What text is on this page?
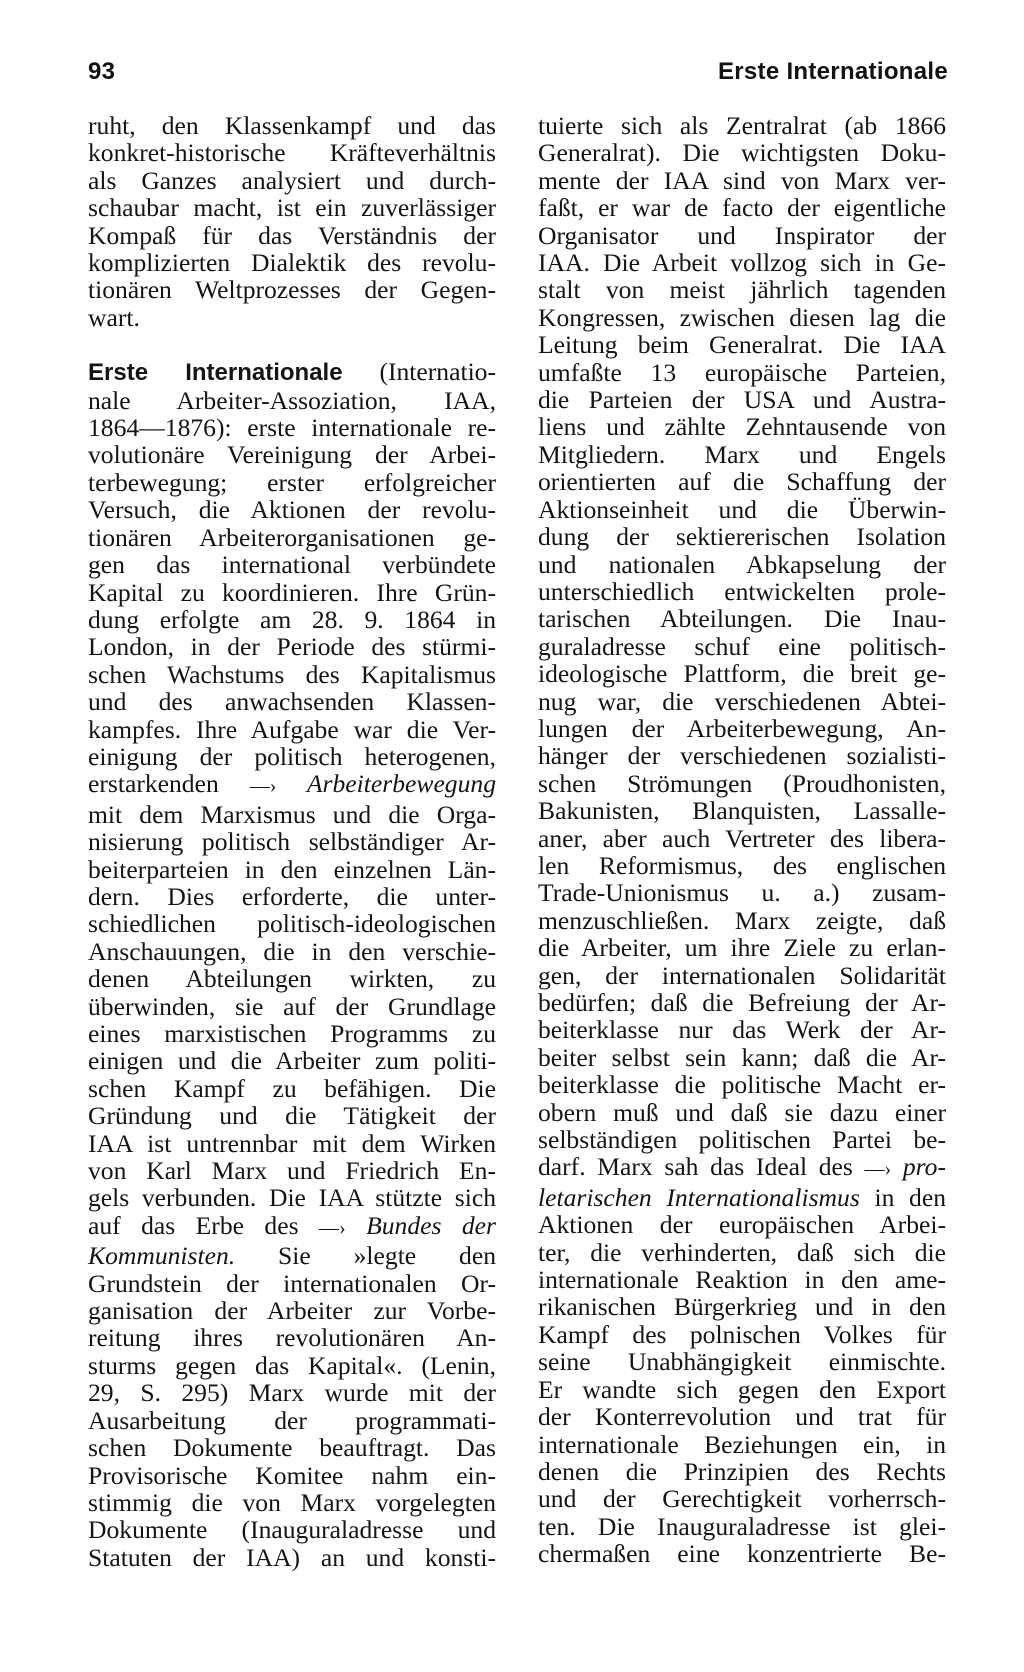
93	Erste Internationale

ruht, den Klassenkampf und das
konkret-historische Kräfteverhältnis
als Ganzes analysiert und durch-
schaubar macht, ist ein zuverlässiger
Kompaß für das Verständnis der
komplizierten Dialektik des revolu-
tionären Weltprozesses der Gegen-
wart.

Erste Internationale (Internatio-
nale Arbeiter-Assoziation, IAA,
1864—1876): erste internationale re-
volutionäre Vereinigung der Arbei-
terbewegung; erster erfolgreicher
Versuch, die Aktionen der revolu-
tionären Arbeiterorganisationen ge-
gen das international verbündete
Kapital zu koordinieren. Ihre Grün-
dung erfolgte am 28. 9. 1864 in
London, in der Periode des stürmi-
schen Wachstums des Kapitalismus
und des anwachsenden Klassen-
kampfes. Ihre Aufgabe war die Ver-
einigung der politisch heterogenen,
erstarkenden —› Arbeiterbewegung
mit dem Marxismus und die Orga-
nisierung politisch selbständiger Ar-
beiterparteien in den einzelnen Län-
dern. Dies erforderte, die unter-
schiedlichen politisch-ideologischen
Anschauungen, die in den verschie-
denen Abteilungen wirkten, zu
überwinden, sie auf der Grundlage
eines marxistischen Programms zu
einigen und die Arbeiter zum politi-
schen Kampf zu befähigen. Die
Gründung und die Tätigkeit der
IAA ist untrennbar mit dem Wirken
von Karl Marx und Friedrich En-
gels verbunden. Die IAA stützte sich
auf das Erbe des —› Bundes der
Kommunisten. Sie »legte den
Grundstein der internationalen Or-
ganisation der Arbeiter zur Vorbe-
reitung ihres revolutionären An-
sturms gegen das Kapital«. (Lenin,
29, S. 295) Marx wurde mit der
Ausarbeitung der programmati-
schen Dokumente beauftragt. Das
Provisorische Komitee nahm ein-
stimmig die von Marx vorgelegten
Dokumente (Inauguraladresse und
Statuten der IAA) an und konsti-

tuierte sich als Zentralrat (ab 1866
Generalrat). Die wichtigsten Doku-
mente der IAA sind von Marx ver-
faßt, er war de facto der eigentliche
Organisator und Inspirator der
IAA. Die Arbeit vollzog sich in Ge-
stalt von meist jährlich tagenden
Kongressen, zwischen diesen lag die
Leitung beim Generalrat. Die IAA
umfaßte 13 europäische Parteien,
die Parteien der USA und Austra-
liens und zählte Zehntausende von
Mitgliedern. Marx und Engels
orientierten auf die Schaffung der
Aktionseinheit und die Überwin-
dung der sektiererischen Isolation
und nationalen Abkapselung der
unterschiedlich entwickelten prole-
tarischen Abteilungen. Die Inau-
guraladresse schuf eine politisch-
ideologische Plattform, die breit ge-
nug war, die verschiedenen Abtei-
lungen der Arbeiterbewegung, An-
hänger der verschiedenen sozialisti-
schen Strömungen (Proudhonisten,
Bakunisten, Blanquisten, Lassalle-
aner, aber auch Vertreter des libera-
len Reformismus, des englischen
Trade-Unionismus u. a.) zusam-
menzuschließen. Marx zeigte, daß
die Arbeiter, um ihre Ziele zu erlan-
gen, der internationalen Solidarität
bedürfen; daß die Befreiung der Ar-
beiterklasse nur das Werk der Ar-
beiter selbst sein kann; daß die Ar-
beiterklasse die politische Macht er-
obern muß und daß sie dazu einer
selbständigen politischen Partei be-
darf. Marx sah das Ideal des —› pro-
letarischen Internationalismus in den
Aktionen der europäischen Arbei-
ter, die verhinderten, daß sich die
internationale Reaktion in den ame-
rikanischen Bürgerkrieg und in den
Kampf des polnischen Volkes für
seine Unabhängigkeit einmischte.
Er wandte sich gegen den Export
der Konterrevolution und trat für
internationale Beziehungen ein, in
denen die Prinzipien des Rechts
und der Gerechtigkeit vorherrsch-
ten. Die Inauguraladresse ist glei-
chermaßen eine konzentrierte Be-
